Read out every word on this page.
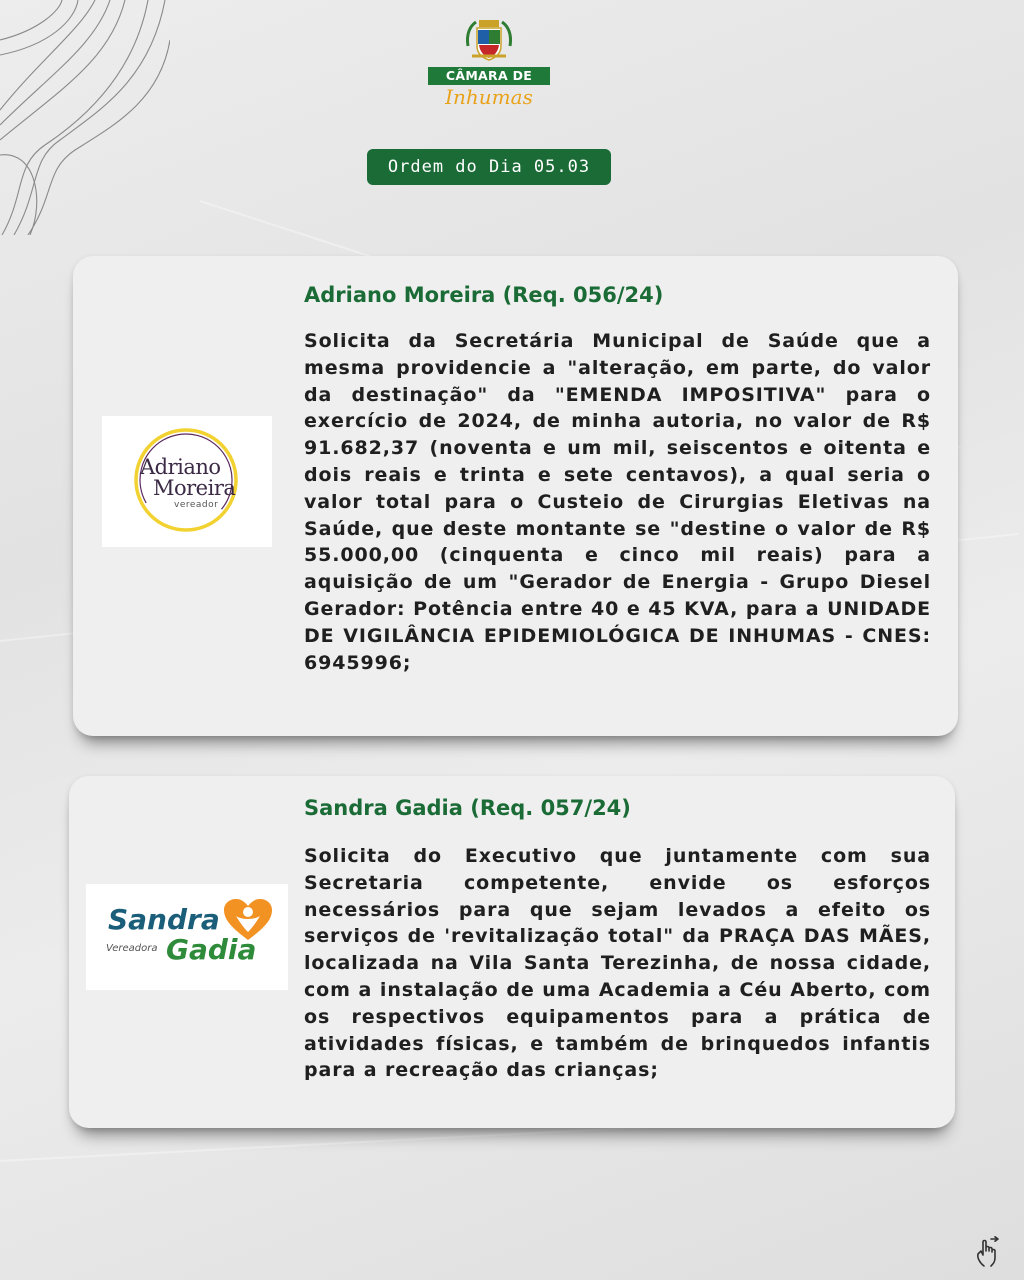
CÂMARA DE
Inhumas
Ordem do Dia 05.03
Adriano
Moreira
vereador
Adriano Moreira (Req. 056/24)
Solicita da Secretária Municipal de Saúde que a mesma providencie a "alteração, em parte, do valor da destinação" da "EMENDA IMPOSITIVA" para o exercício de 2024, de minha autoria, no valor de R$ 91.682,37 (noventa e um mil, seiscentos e oitenta e dois reais e trinta e sete centavos), a qual seria o valor total para o Custeio de Cirurgias Eletivas na Saúde, que deste montante se "destine o valor de R$ 55.000,00 (cinquenta e cinco mil reais) para a aquisição de um "Gerador de Energia - Grupo Diesel Gerador: Potência entre 40 e 45 KVA, para a UNIDADE DE VIGILÂNCIA EPIDEMIOLÓGICA DE INHUMAS - CNES: 6945996;
Sandra
Vereadora Gadia
Sandra Gadia (Req. 057/24)
Solicita do Executivo que juntamente com sua Secretaria competente, envide os esforços necessários para que sejam levados a efeito os serviços de 'revitalização total" da PRAÇA DAS MÃES, localizada na Vila Santa Terezinha, de nossa cidade, com a instalação de uma Academia a Céu Aberto, com os respectivos equipamentos para a prática de atividades físicas, e também de brinquedos infantis para a recreação das crianças;
